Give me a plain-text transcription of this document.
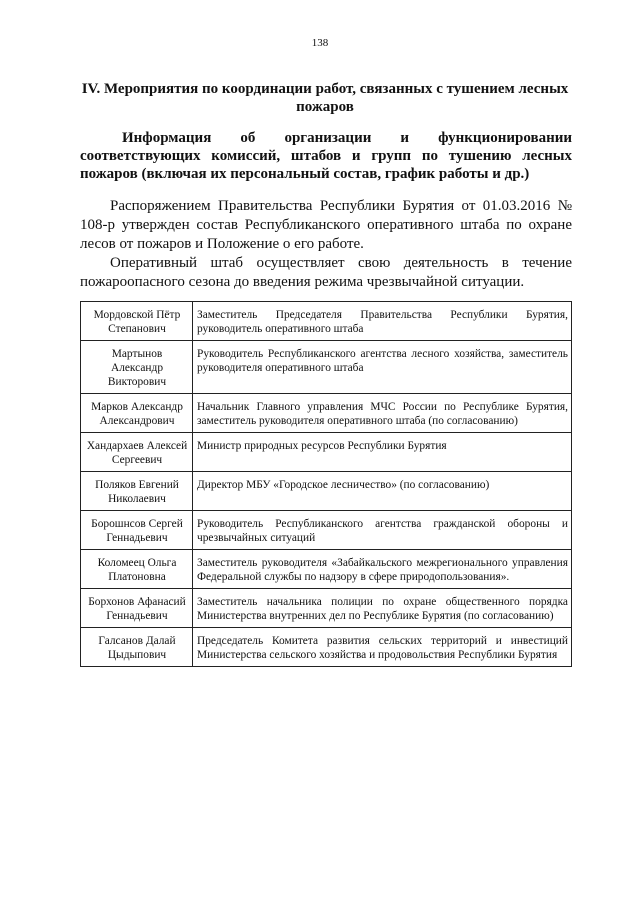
138
IV. Мероприятия по координации работ, связанных с тушением лесных пожаров
Информация об организации и функционировании соответствующих комиссий, штабов и групп по тушению лесных пожаров (включая их персональный состав, график работы и др.)

Распоряжением Правительства Республики Бурятия от 01.03.2016 № 108-р утвержден состав Республиканского оперативного штаба по охране лесов от пожаров и Положение о его работе.

Оперативный штаб осуществляет свою деятельность в течение пожароопасного сезона до введения режима чрезвычайной ситуации.

Мордовской Пётр Степанович	Заместитель Председателя Правительства Республики Бурятия, руководитель оперативного штаба
Мартынов Александр Викторович	Руководитель Республиканского агентства лесного хозяйства, заместитель руководителя оперативного штаба
Марков Александр Александрович	Начальник Главного управления МЧС России по Республике Бурятия, заместитель руководителя оперативного штаба (по согласованию)
Хандархаев Алексей Сергеевич	Министр природных ресурсов Республики Бурятия
Поляков Евгений Николаевич	Директор МБУ «Городское лесничество» (по согласованию)
Борошнсов Сергей Геннадьевич	Руководитель Республиканского агентства гражданской обороны и чрезвычайных ситуаций
Коломеец Ольга Платоновна	Заместитель руководителя «Забайкальского межрегионального управления Федеральной службы по надзору в сфере природопользования».
Борхонов Афанасий Геннадьевич	Заместитель начальника полиции по охране общественного порядка Министерства внутренних дел по Республике Бурятия (по согласованию)
Галсанов Далай Цыдыпович	Председатель Комитета развития сельских территорий и инвестиций Министерства сельского хозяйства и продовольствия Республики Бурятия
